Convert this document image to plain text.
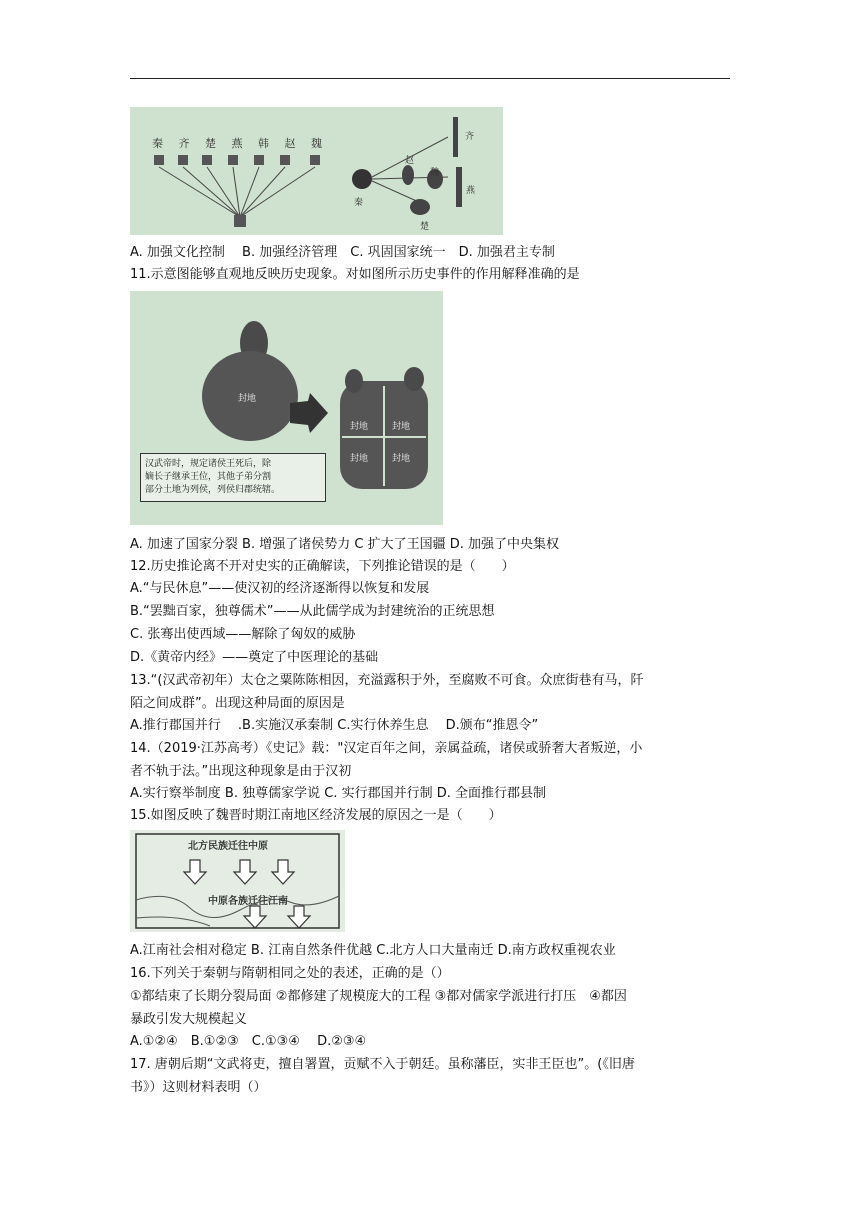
秦 齐 楚 燕 韩 赵 魏	齐
赵
魏
燕
秦
楚
A. 加强文化控制　 B. 加强经济管理　C. 巩固国家统一　D. 加强君主专制
11.示意图能够直观地反映历史现象。对如图所示历史事件的作用解释准确的是
封地
封地	封地
封地	封地
汉武帝时，规定诸侯王死后，除
嫡长子继承王位，其他子弟分割
部分土地为列侯，列侯归郡统辖。
A. 加速了国家分裂 B. 增强了诸侯势力 C 扩大了王国疆 D. 加强了中央集权
12.历史推论离不开对史实的正确解读，下列推论错误的是（　　）
A.“与民休息”——使汉初的经济逐渐得以恢复和发展
B.“罢黜百家，独尊儒术”——从此儒学成为封建统治的正统思想
C. 张骞出使西域——解除了匈奴的威胁
D.《黄帝内经》——奠定了中医理论的基础
13.“(汉武帝初年）太仓之粟陈陈相因，充溢露积于外，至腐败不可食。众庶街巷有马，阡
陌之间成群”。出现这种局面的原因是
A.推行郡国并行　 .B.实施汉承秦制 C.实行休养生息　 D.颁布“推恩令”
14.（2019·江苏高考）《史记》载："汉定百年之间，亲属益疏，诸侯或骄奢大者叛逆，小
者不轨于法。”出现这种现象是由于汉初
A.实行察举制度 B. 独尊儒家学说 C. 实行郡国并行制 D. 全面推行郡县制
15.如图反映了魏晋时期江南地区经济发展的原因之一是（　　）
北方民族迁往中原
中原各族迁往江南
A.江南社会相对稳定 B. 江南自然条件优越 C.北方人口大量南迁 D.南方政权重视农业
16.下列关于秦朝与隋朝相同之处的表述，正确的是（）
①都结束了长期分裂局面 ②都修建了规模庞大的工程 ③都对儒家学派进行打压　④都因
暴政引发大规模起义
A.①②④　B.①②③　C.①③④　 D.②③④
17. 唐朝后期“文武将吏，擅自署置，贡赋不入于朝廷。虽称藩臣，实非王臣也”。(《旧唐
书》）这则材料表明（）
